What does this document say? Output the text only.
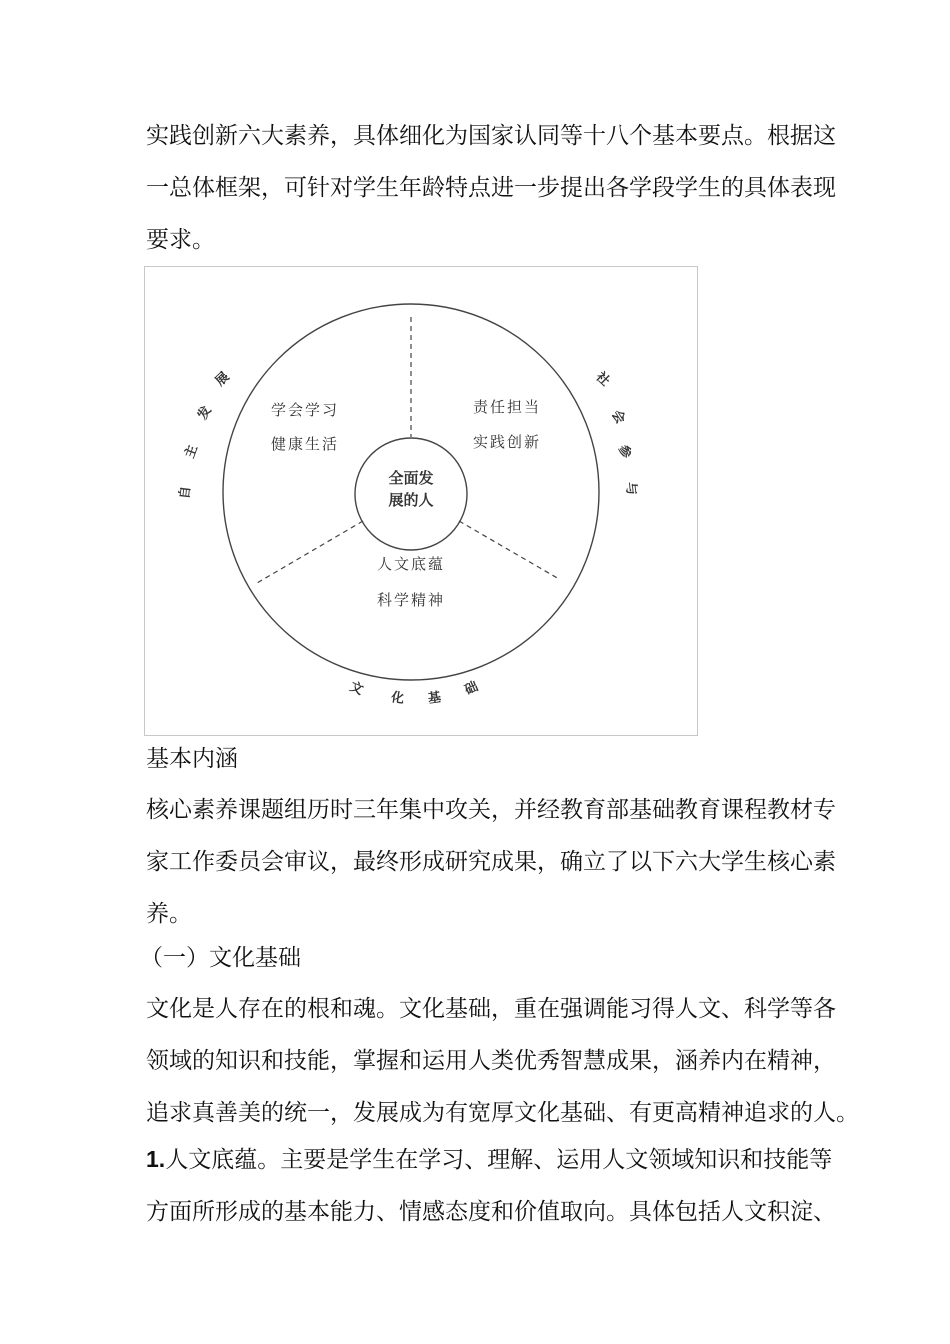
实践创新六大素养，具体细化为国家认同等十八个基本要点。根据这
一总体框架，可针对学生年龄特点进一步提出各学段学生的具体表现
要求。
全面发
展的人
学会学习
健康生活
责任担当
实践创新
人文底蕴
科学精神
自
主
发
展	社
会
参
与
文
化 基
础
基本内涵
核心素养课题组历时三年集中攻关，并经教育部基础教育课程教材专
家工作委员会审议，最终形成研究成果，确立了以下六大学生核心素
养。
（一）文化基础
文化是人存在的根和魂。文化基础，重在强调能习得人文、科学等各
领域的知识和技能，掌握和运用人类优秀智慧成果，涵养内在精神，
追求真善美的统一，发展成为有宽厚文化基础、有更高精神追求的人。
1.人文底蕴。主要是学生在学习、理解、运用人文领域知识和技能等
方面所形成的基本能力、情感态度和价值取向。具体包括人文积淀、
